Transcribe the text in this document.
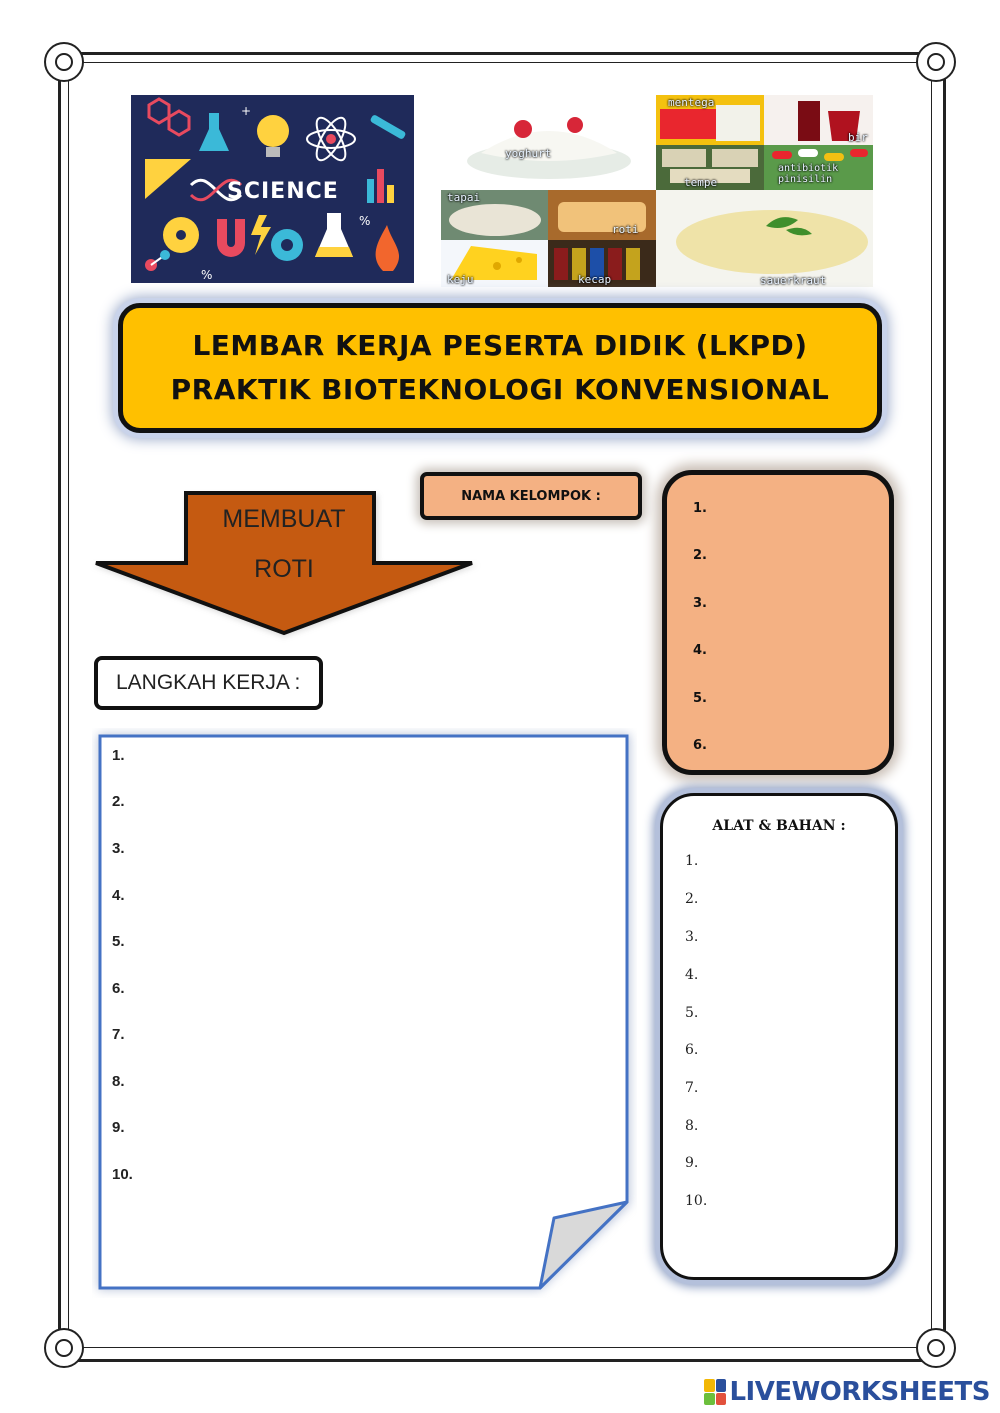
+
%
%
SCIENCE
yoghurt
mentega
bir
tempe
antibiotik pinisilin
tapai
roti
keju	kecap	sauerkraut
LEMBAR KERJA PESERTA DIDIK (LKPD)
PRAKTIK BIOTEKNOLOGI KONVENSIONAL
MEMBUAT
ROTI
NAMA KELOMPOK :
1.
2.
3.
4.
5.
6.
LANGKAH KERJA :
1.
2.
3.
4.
5.
6.
7.
8.
9.
10.
ALAT & BAHAN :
1.
2.
3.
4.
5.
6.
7.
8.
9.
10.
LIVEWORKSHEETS
